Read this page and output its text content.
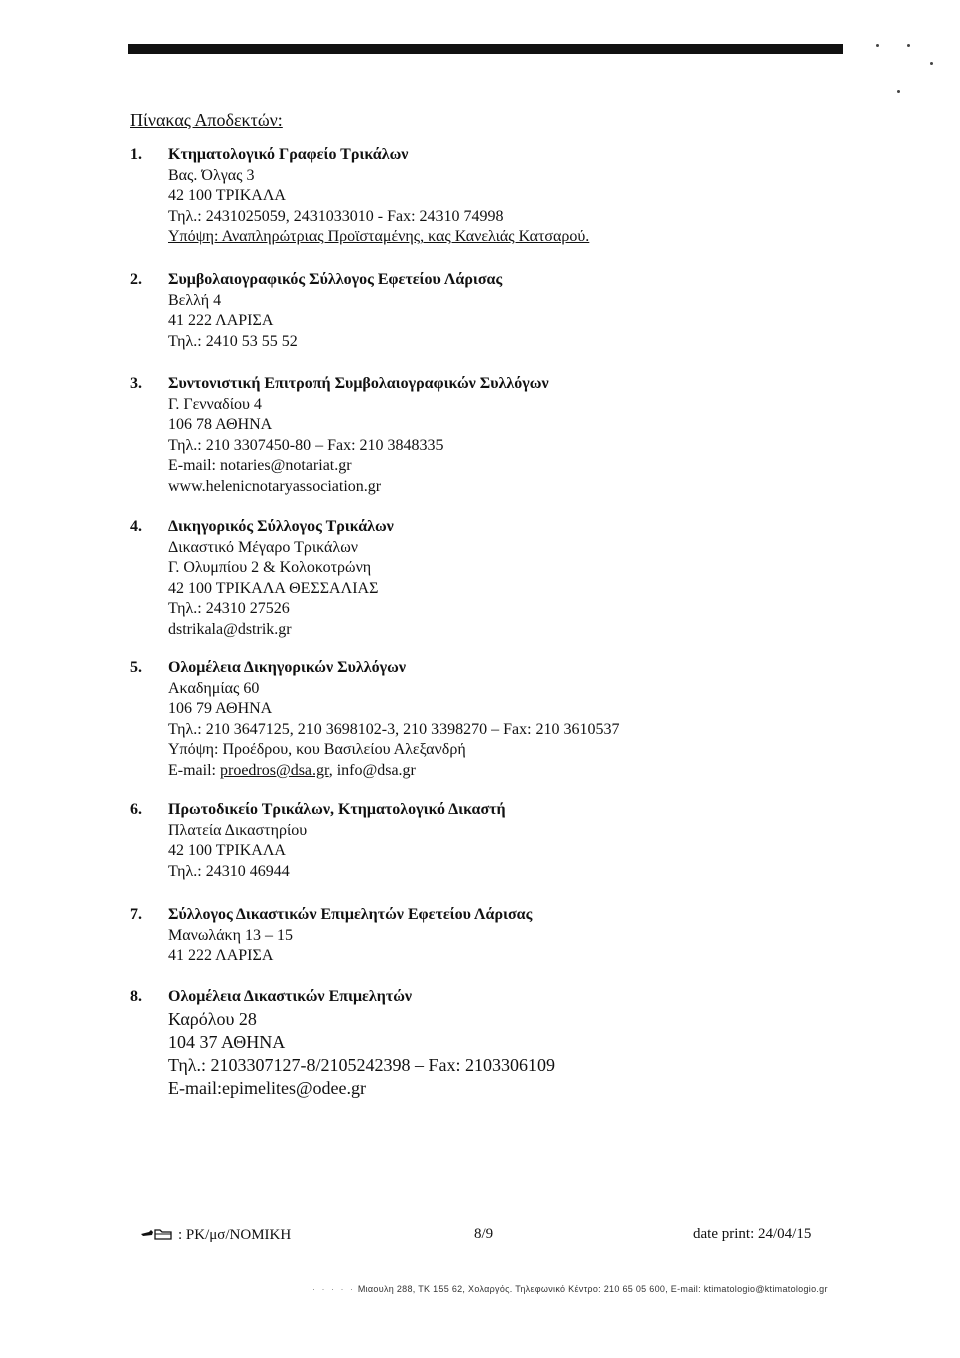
Πίνακας Αποδεκτών:
1.	Κτηματολογικό Γραφείο Τρικάλων
Βας. Όλγας 3
42 100 ΤΡΙΚΑΛΑ
Τηλ.: 2431025059, 2431033010 - Fax: 24310 74998
Υπόψη: Αναπληρώτριας Προϊσταμένης, κας Κανελιάς Κατσαρού.
2.	Συμβολαιογραφικός Σύλλογος Εφετείου Λάρισας
Βελλή 4
41 222 ΛΑΡΙΣΑ
Τηλ.: 2410 53 55 52
3.	Συντονιστική Επιτροπή Συμβολαιογραφικών Συλλόγων
Γ. Γενναδίου 4
106 78 ΑΘΗΝΑ
Τηλ.: 210 3307450-80 – Fax: 210 3848335
E-mail: notaries@notariat.gr
www.helenicnotaryassociation.gr
4.	Δικηγορικός Σύλλογος Τρικάλων
Δικαστικό Μέγαρο Τρικάλων
Γ. Ολυμπίου 2 & Κολοκοτρώνη
42 100 ΤΡΙΚΑΛΑ ΘΕΣΣΑΛΙΑΣ
Τηλ.: 24310 27526
dstrikala@dstrik.gr
5.	Ολομέλεια Δικηγορικών Συλλόγων
Ακαδημίας 60
106 79 ΑΘΗΝΑ
Τηλ.: 210 3647125, 210 3698102-3, 210 3398270 – Fax: 210 3610537
Υπόψη: Προέδρου, κου Βασιλείου Αλεξανδρή
E-mail: proedros@dsa.gr, info@dsa.gr
6.	Πρωτοδικείο Τρικάλων, Κτηματολογικό Δικαστή
Πλατεία Δικαστηρίου
42 100 ΤΡΙΚΑΛΑ
Τηλ.: 24310 46944
7.	Σύλλογος Δικαστικών Επιμελητών Εφετείου Λάρισας
Μανωλάκη 13 – 15
41 222 ΛΑΡΙΣΑ
8.	Ολομέλεια Δικαστικών Επιμελητών
Καρόλου 28
104 37 ΑΘΗΝΑ
Τηλ.: 2103307127-8/2105242398 – Fax: 2103306109
E-mail:epimelites@odee.gr
: ΡΚ/μσ/ΝΟΜΙΚΗ	8/9	date print: 24/04/15
· · · · · Μιαουλη 288, ΤΚ 155 62, Χολαργός. Τηλεφωνικό Κέντρο: 210 65 05 600, E-mail: ktimatologio@ktimatologio.gr
